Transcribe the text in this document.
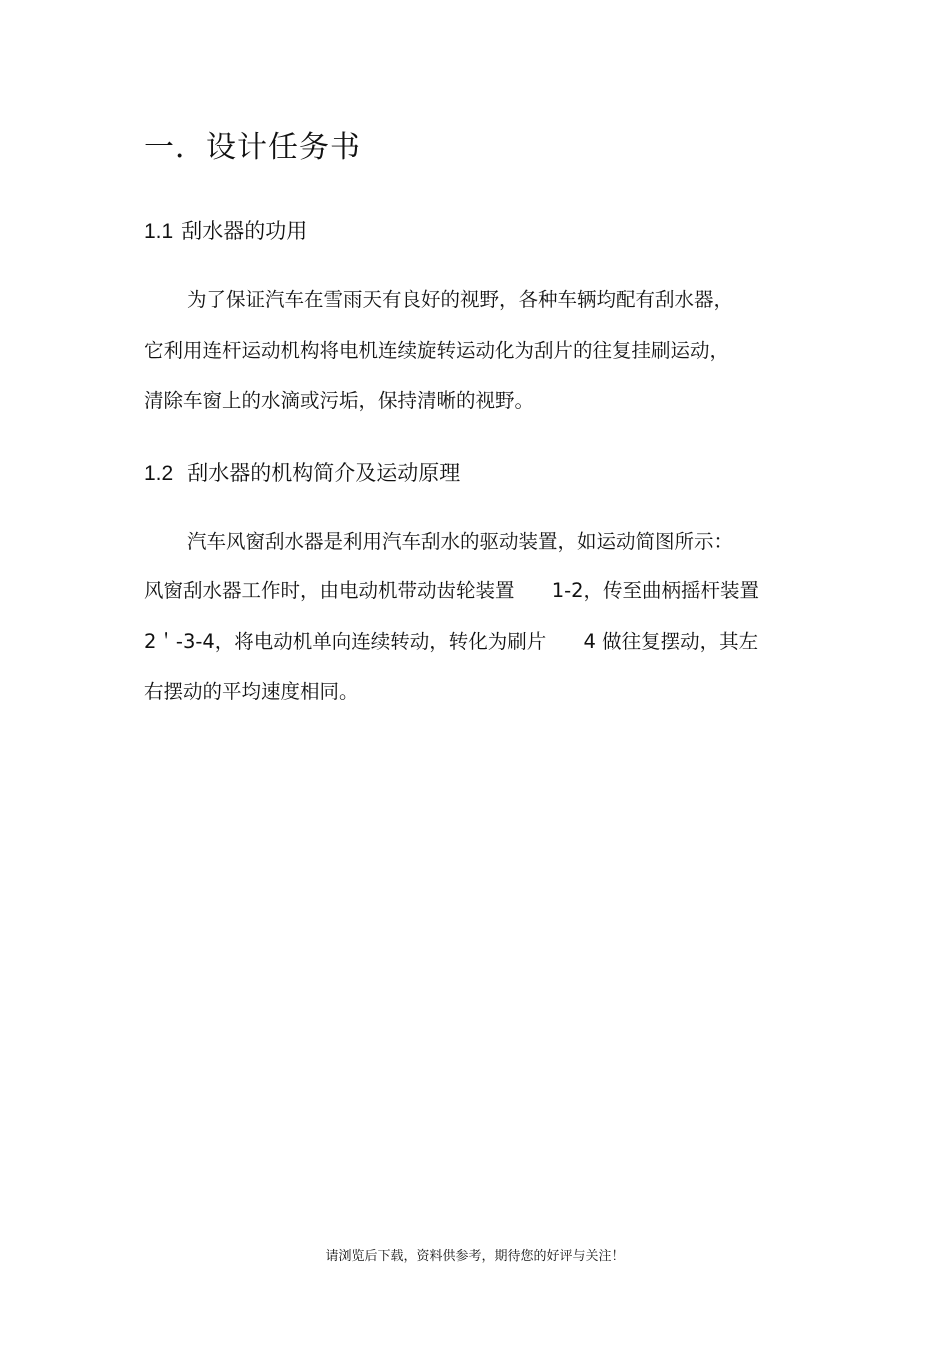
一．设计任务书
1.1 刮水器的功用
为了保证汽车在雪雨天有良好的视野，各种车辆均配有刮水器，
它利用连杆运动机构将电机连续旋转运动化为刮片的往复挂刷运动，
清除车窗上的水滴或污垢，保持清晰的视野。
1.2 刮水器的机构简介及运动原理
汽车风窗刮水器是利用汽车刮水的驱动装置，如运动简图所示：
风窗刮水器工作时，由电动机带动齿轮装置      1-2，传至曲柄摇杆装置
2＇-3-4，将电动机单向连续转动，转化为刷片      4 做往复摆动，其左
右摆动的平均速度相同。
请浏览后下载，资料供参考，期待您的好评与关注！
